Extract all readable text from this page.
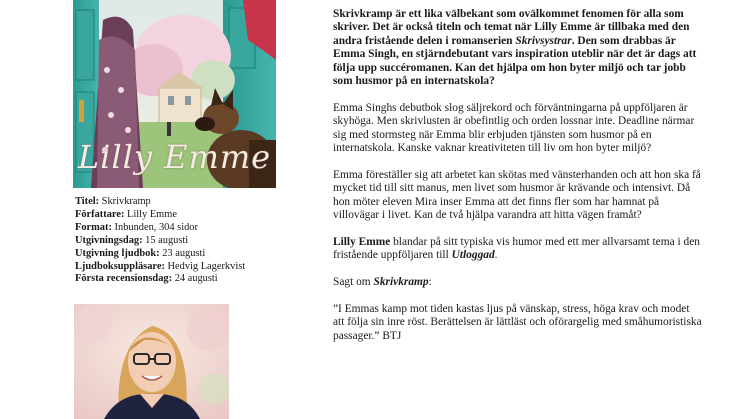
Lilly Emme
Titel: Skrivkramp
Författare: Lilly Emme
Format: Inbunden, 304 sidor
Utgivningsdag: 15 augusti
Utgivning ljudbok: 23 augusti
Ljudboksuppläsare: Hedvig Lagerkvist
Första recensionsdag: 24 augusti

Skrivkramp är ett lika välbekant som ovälkommet fenomen för alla som skriver. Det är också titeln och temat när Lilly Emme är tillbaka med den andra fristående delen i romanserien Skrivsystrar. Den som drabbas är Emma Singh, en stjärndebutant vars inspiration uteblir när det är dags att följa upp succéromanen. Kan det hjälpa om hon byter miljö och tar jobb som husmor på en internatskola?

Emma Singhs debutbok slog säljrekord och förväntningarna på uppföljaren är skyhöga. Men skrivlusten är obefintlig och orden lossnar inte. Deadline närmar sig med stormsteg när Emma blir erbjuden tjänsten som husmor på en internatskola. Kanske vaknar kreativiteten till liv om hon byter miljö?

Emma föreställer sig att arbetet kan skötas med vänsterhanden och att hon ska få mycket tid till sitt manus, men livet som husmor är krävande och intensivt. Då hon möter eleven Mira inser Emma att det finns fler som har hamnat på villovägar i livet. Kan de två hjälpa varandra att hitta vägen framåt?

Lilly Emme blandar på sitt typiska vis humor med ett mer allvarsamt tema i den fristående uppföljaren till Utloggad.

Sagt om Skrivkramp:

”I Emmas kamp mot tiden kastas ljus på vänskap, stress, höga krav och modet att följa sin inre röst. Berättelsen är lättläst och oförargelig med småhumoristiska passager.” BTJ
